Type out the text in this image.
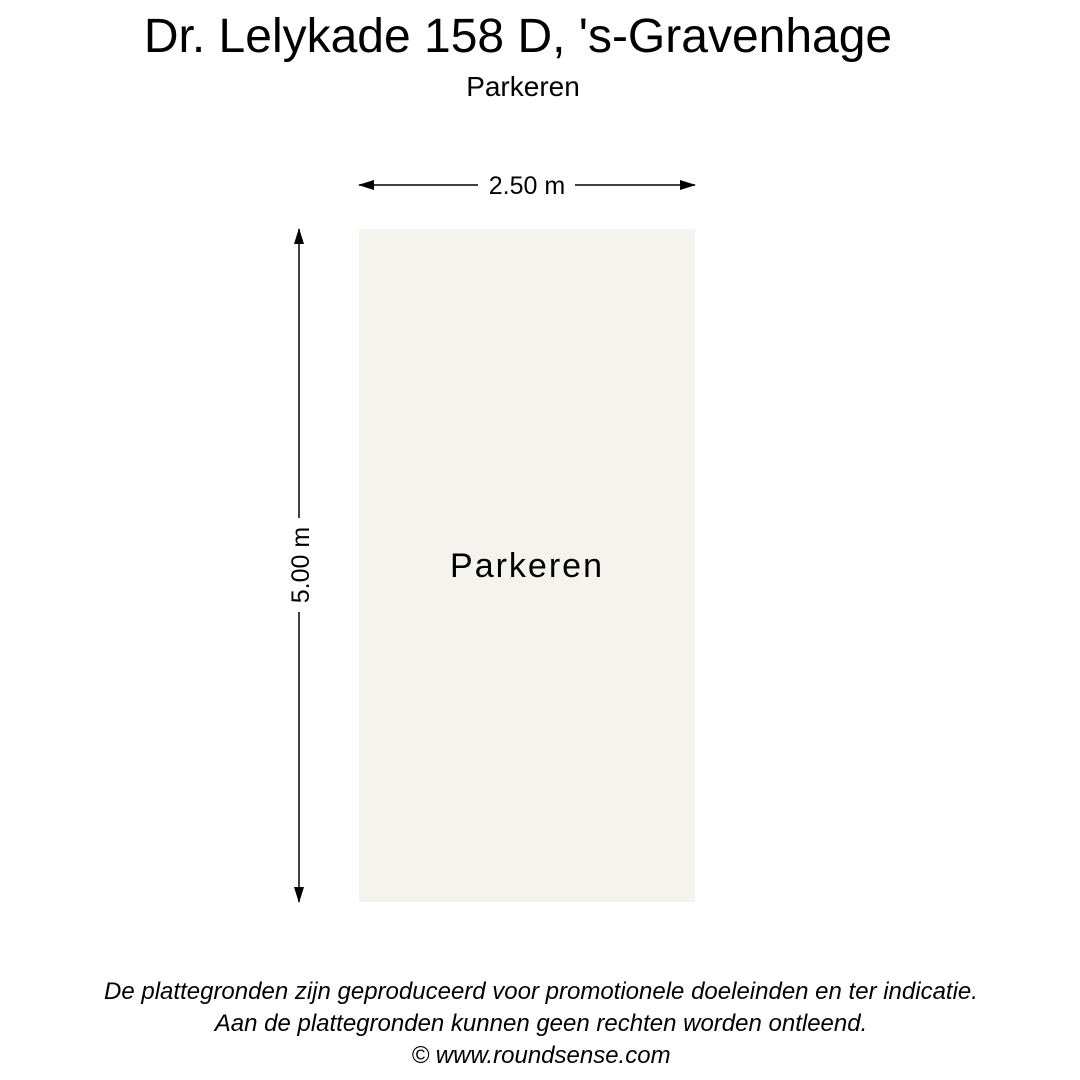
Dr. Lelykade 158 D, 's-Gravenhage
Parkeren
Parkeren
2.50 m
5.00 m
De plattegronden zijn geproduceerd voor promotionele doeleinden en ter indicatie.
Aan de plattegronden kunnen geen rechten worden ontleend.
© www.roundsense.com
